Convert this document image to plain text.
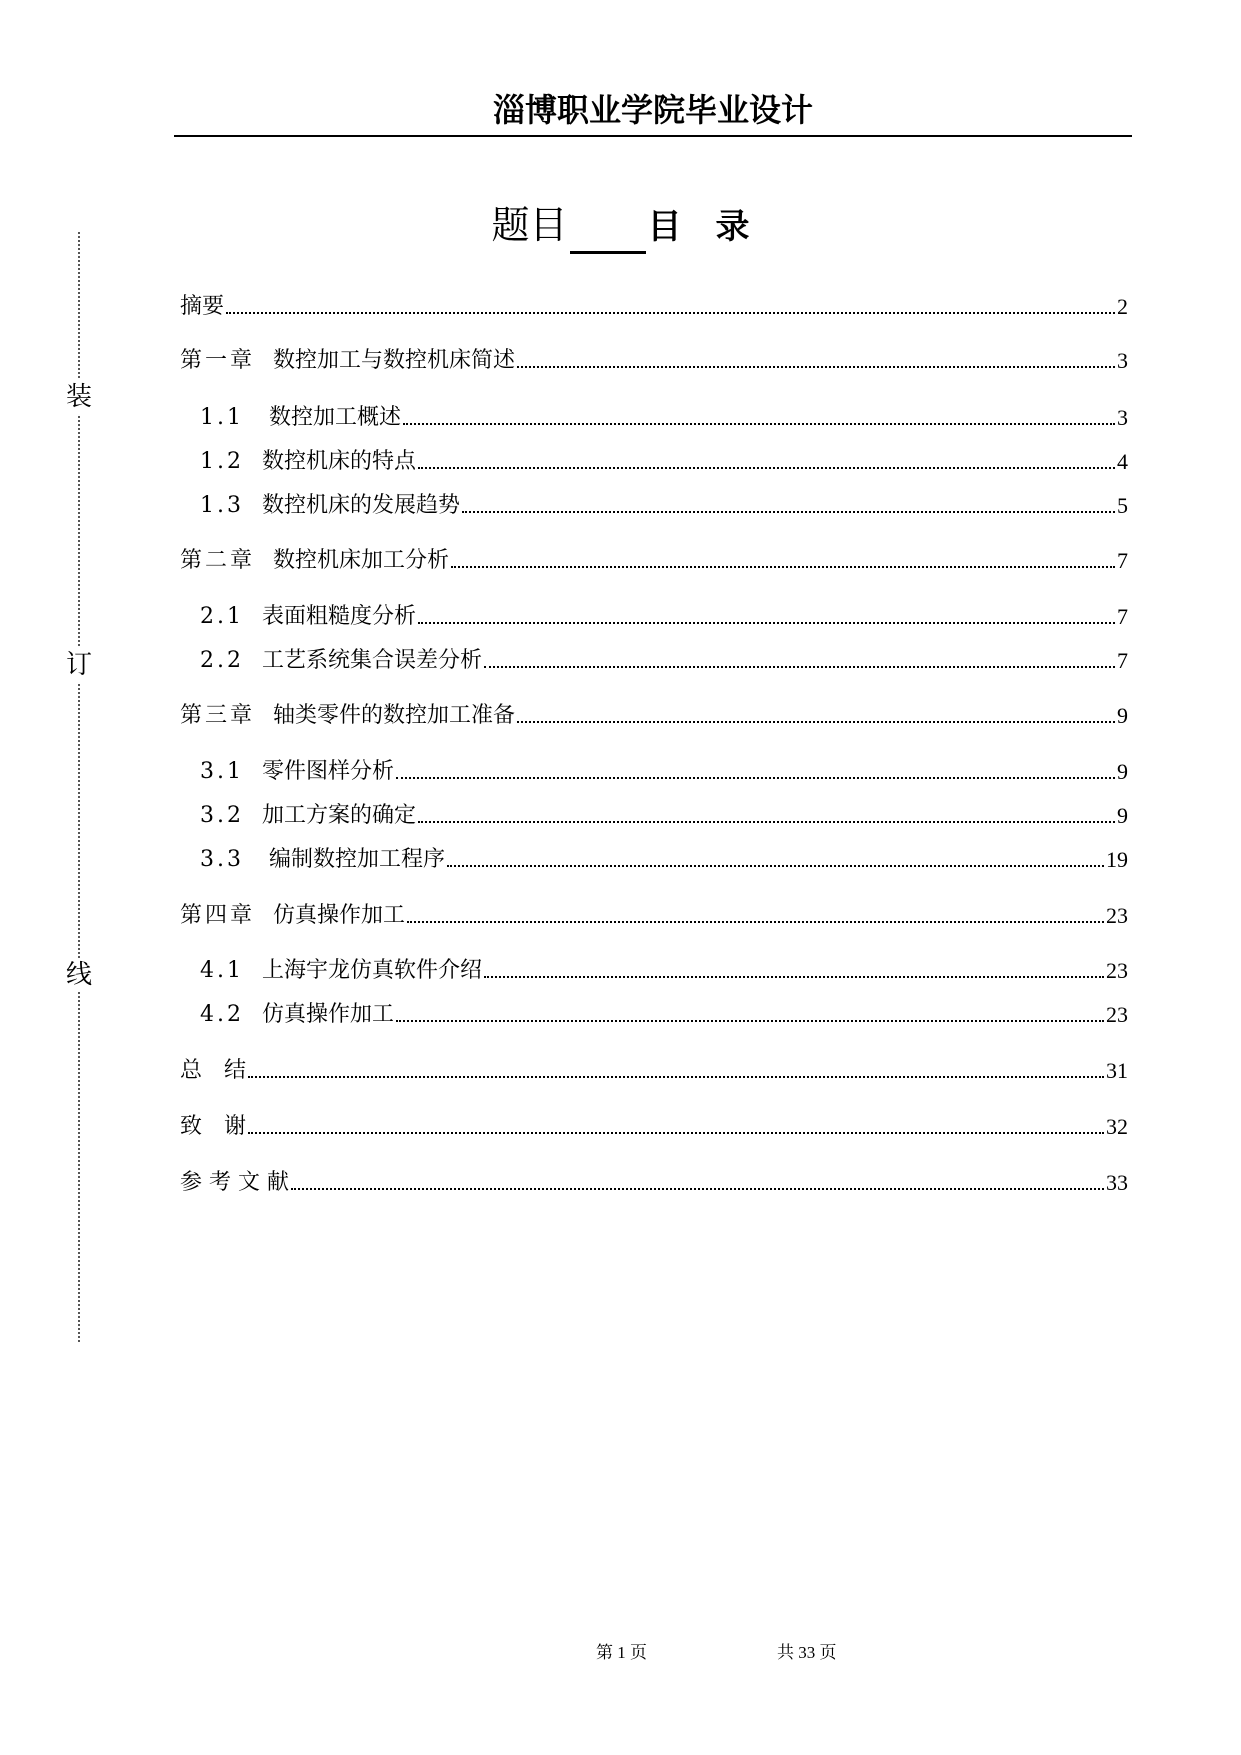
淄博职业学院毕业设计
装
订
线
题目 目　录
摘要	2
第一章 数控加工与数控机床简述	3
1.1 数控加工概述	3
1.2 数控机床的特点	4
1.3 数控机床的发展趋势	5
第二章 数控机床加工分析	7
2.1 表面粗糙度分析	7
2.2 工艺系统集合误差分析	7
第三章 轴类零件的数控加工准备	9
3.1 零件图样分析	9
3.2 加工方案的确定	9
3.3 编制数控加工程序	19
第四章 仿真操作加工	23
4.1 上海宇龙仿真软件介绍	23
4.2 仿真操作加工	23
总　结	31
致　谢	32
参 考 文 献	33
第 1 页	共 33 页
